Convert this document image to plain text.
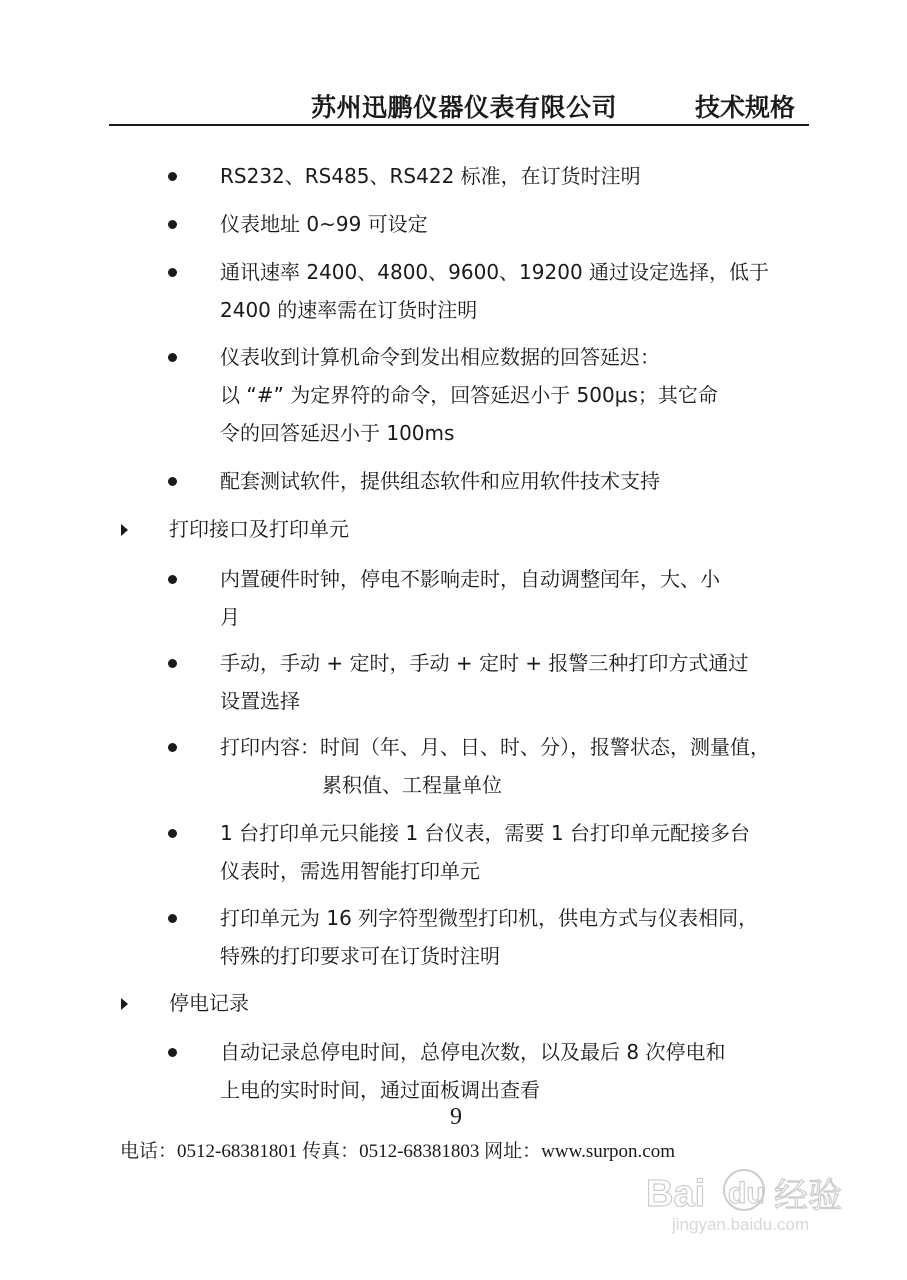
苏州迅鹏仪器仪表有限公司	技术规格
RS232、RS485、RS422 标准，在订货时注明
仪表地址 0~99 可设定
通讯速率 2400、4800、9600、19200 通过设定选择，低于
2400 的速率需在订货时注明
仪表收到计算机命令到发出相应数据的回答延迟：
以 “#” 为定界符的命令，回答延迟小于 500μs；其它命
令的回答延迟小于 100ms
配套测试软件，提供组态软件和应用软件技术支持
打印接口及打印单元
内置硬件时钟，停电不影响走时，自动调整闰年，大、小
月
手动，手动 + 定时，手动 + 定时 + 报警三种打印方式通过
设置选择
打印内容：时间（年、月、日、时、分），报警状态，测量值，
累积值、工程量单位
1 台打印单元只能接 1 台仪表，需要 1 台打印单元配接多台
仪表时，需选用智能打印单元
打印单元为 16 列字符型微型打印机，供电方式与仪表相同，
特殊的打印要求可在订货时注明
停电记录
自动记录总停电时间，总停电次数，以及最后 8 次停电和
上电的实时时间，通过面板调出查看
9
电话：0512-68381801 传真：0512-68381803 网址：www.surpon.com
Bai du 经验
jingyan.baidu.com
